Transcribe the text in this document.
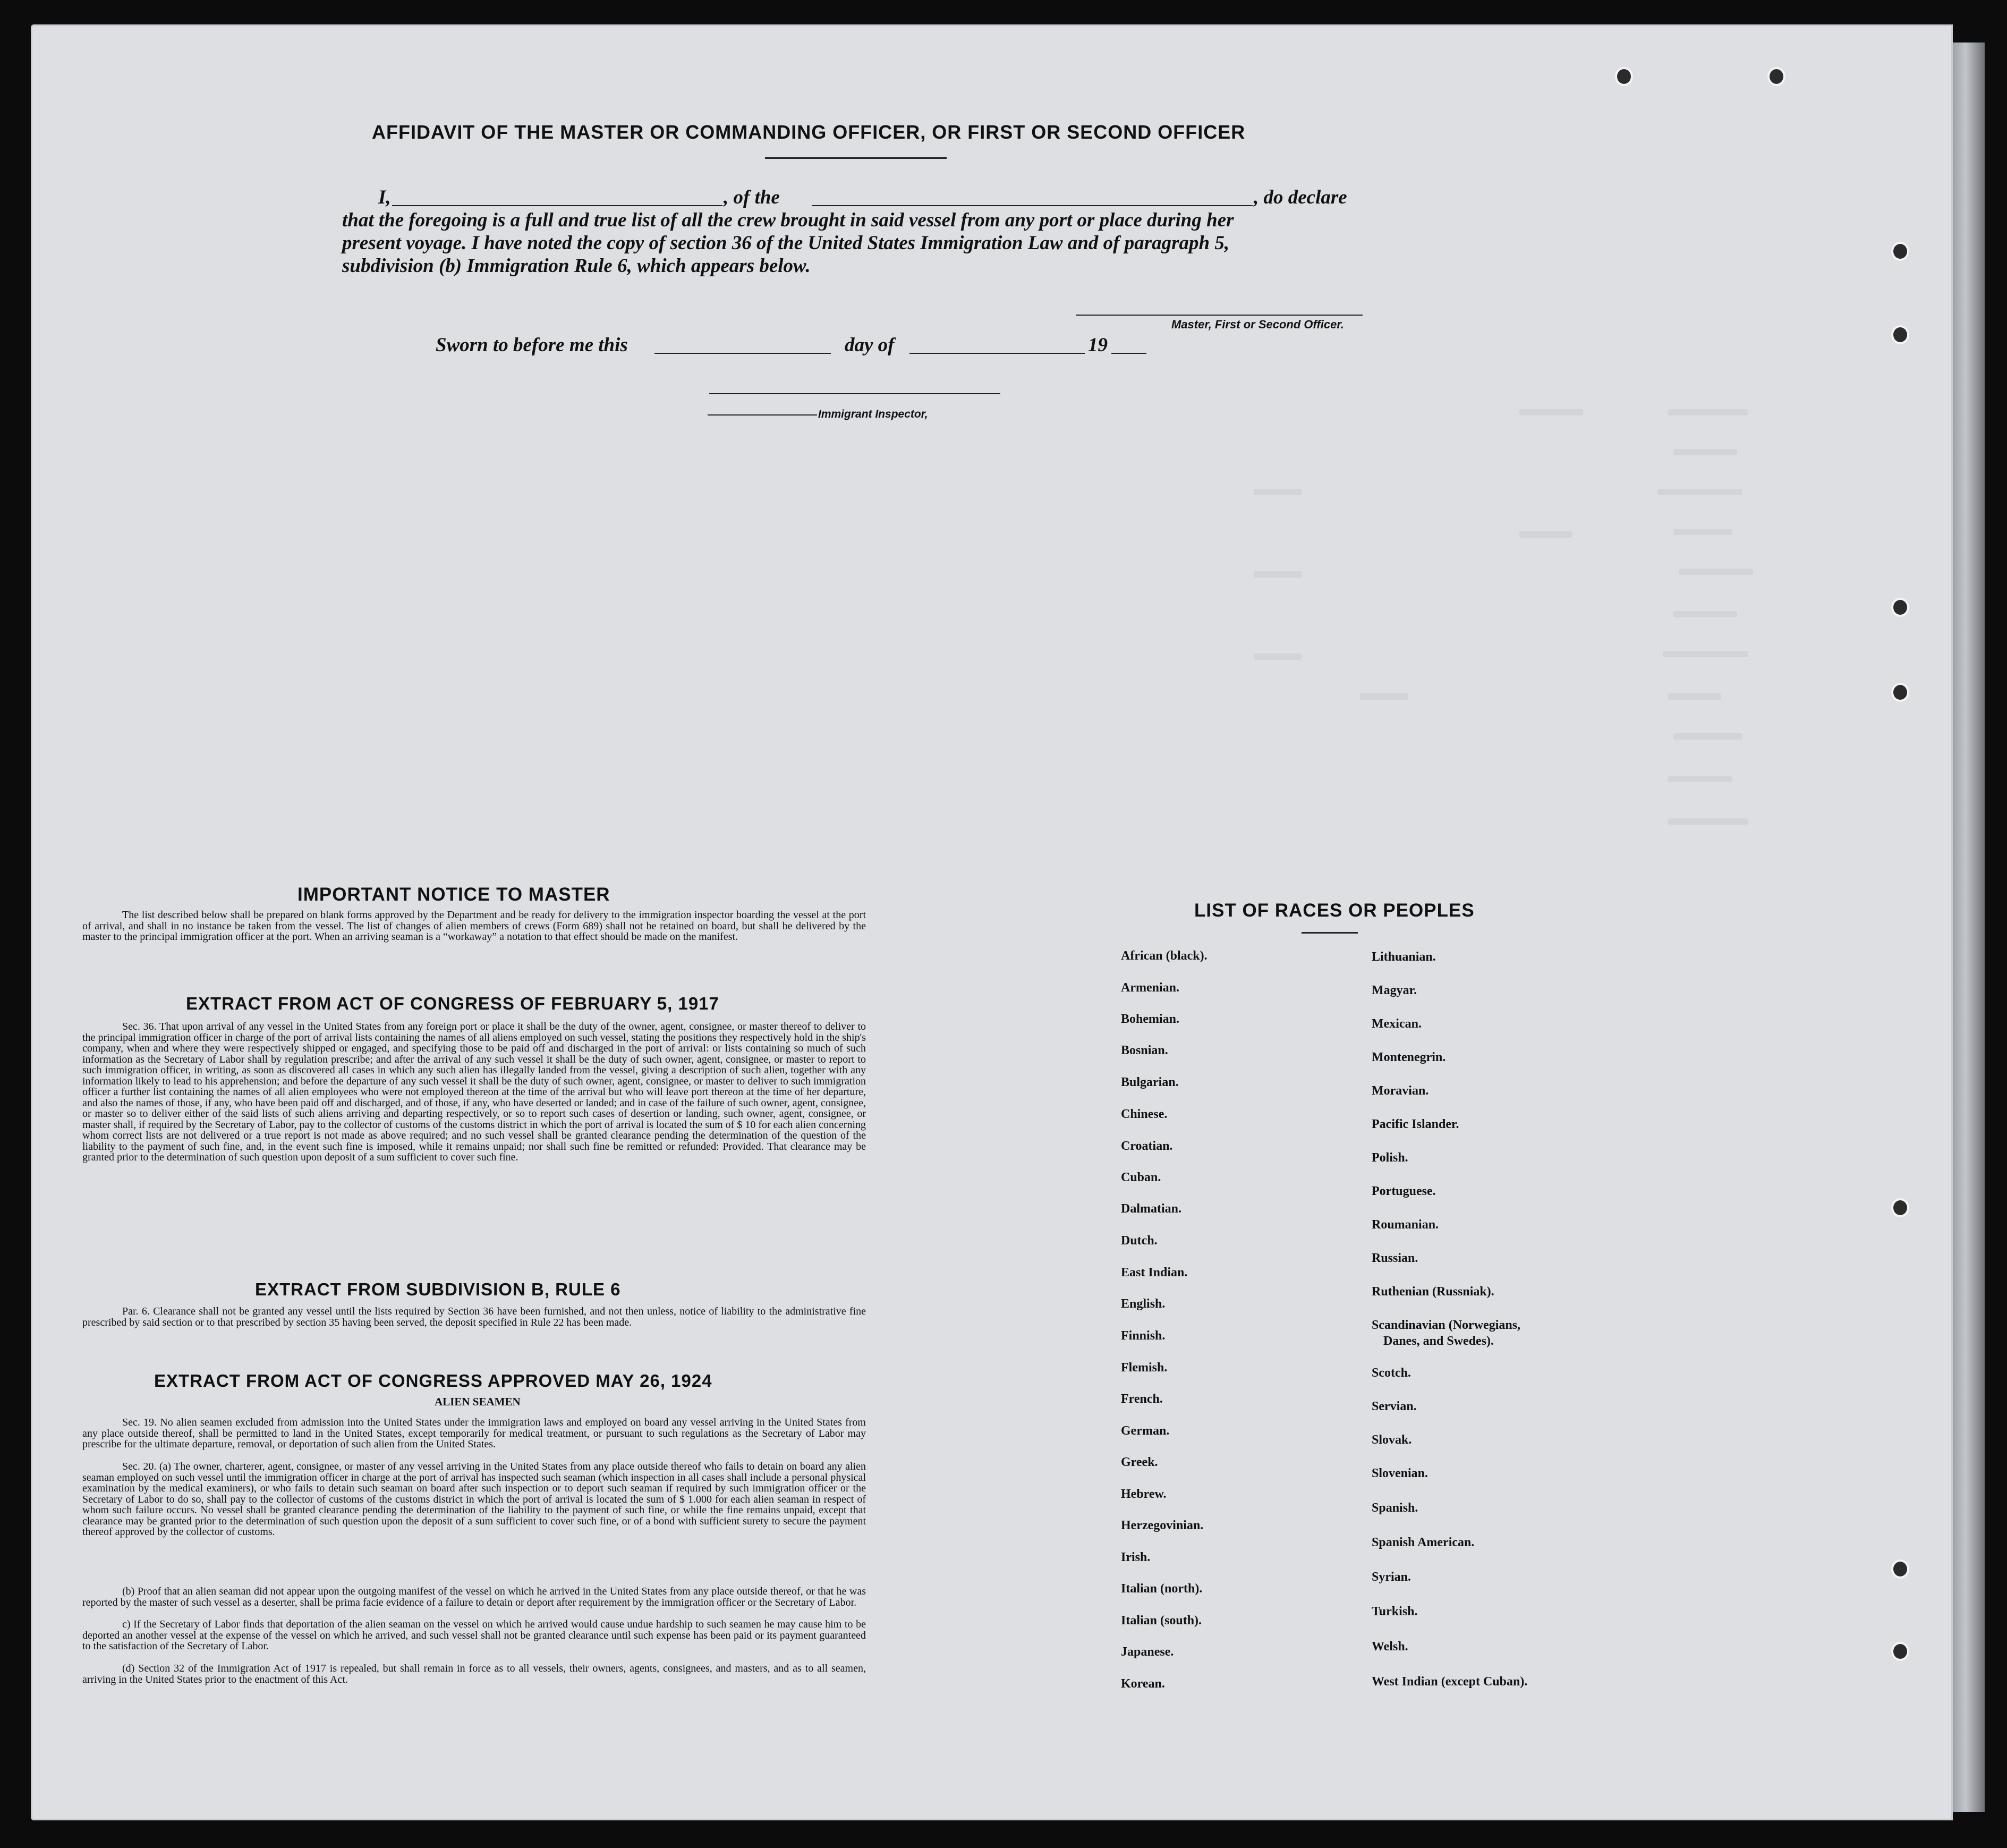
AFFIDAVIT OF THE MASTER OR COMMANDING OFFICER, OR FIRST OR SECOND OFFICER
I,	, of the	, do declare
that the foregoing is a full and true list of all the crew brought in said vessel from any port or place during her
present voyage. I have noted the copy of section 36 of the United States Immigration Law and of paragraph 5,
subdivision (b) Immigration Rule 6, which appears below.
Master, First or Second Officer.
Sworn to before me this	day of	19
Immigrant Inspector,
IMPORTANT NOTICE TO MASTER
The list described below shall be prepared on blank forms approved by the Department and be ready for delivery to the immigration inspector boarding the vessel at the port of arrival, and shall in no instance be taken from the vessel. The list of changes of alien members of crews (Form 689) shall not be retained on board, but shall be delivered by the master to the principal immigration officer at the port. When an arriving seaman is a “workaway” a notation to that effect should be made on the manifest.
EXTRACT FROM ACT OF CONGRESS OF FEBRUARY 5, 1917
Sec. 36. That upon arrival of any vessel in the United States from any foreign port or place it shall be the duty of the owner, agent, consignee, or master thereof to deliver to the principal immigration officer in charge of the port of arrival lists containing the names of all aliens employed on such vessel, stating the positions they respectively hold in the ship's company, when and where they were respectively shipped or engaged, and specifying those to be paid off and discharged in the port of arrival: or lists containing so much of such information as the Secretary of Labor shall by regulation prescribe; and after the arrival of any such vessel it shall be the duty of such owner, agent, consignee, or master to report to such immigration officer, in writing, as soon as discovered all cases in which any such alien has illegally landed from the vessel, giving a description of such alien, together with any information likely to lead to his apprehension; and before the departure of any such vessel it shall be the duty of such owner, agent, consignee, or master to deliver to such immigration officer a further list containing the names of all alien employees who were not employed thereon at the time of the arrival but who will leave port thereon at the time of her departure, and also the names of those, if any, who have been paid off and discharged, and of those, if any, who have deserted or landed; and in case of the failure of such owner, agent, consignee, or master so to deliver either of the said lists of such aliens arriving and departing respectively, or so to report such cases of desertion or landing, such owner, agent, consignee, or master shall, if required by the Secretary of Labor, pay to the collector of customs of the customs district in which the port of arrival is located the sum of $ 10 for each alien concerning whom correct lists are not delivered or a true report is not made as above required; and no such vessel shall be granted clearance pending the determination of the question of the liability to the payment of such fine, and, in the event such fine is imposed, while it remains unpaid; nor shall such fine be remitted or refunded: Provided. That clearance may be granted prior to the determination of such question upon deposit of a sum sufficient to cover such fine.
EXTRACT FROM SUBDIVISION B, RULE 6
Par. 6. Clearance shall not be granted any vessel until the lists required by Section 36 have been furnished, and not then unless, notice of liability to the administrative fine prescribed by said section or to that prescribed by section 35 having been served, the deposit specified in Rule 22 has been made.
EXTRACT FROM ACT OF CONGRESS APPROVED MAY 26, 1924
ALIEN SEAMEN
Sec. 19. No alien seamen excluded from admission into the United States under the immigration laws and employed on board any vessel arriving in the United States from any place outside thereof, shall be permitted to land in the United States, except temporarily for medical treatment, or pursuant to such regulations as the Secretary of Labor may prescribe for the ultimate departure, removal, or deportation of such alien from the United States.
Sec. 20. (a) The owner, charterer, agent, consignee, or master of any vessel arriving in the United States from any place outside thereof who fails to detain on board any alien seaman employed on such vessel until the immigration officer in charge at the port of arrival has inspected such seaman (which inspection in all cases shall include a personal physical examination by the medical examiners), or who fails to detain such seaman on board after such inspection or to deport such seaman if required by such immigration officer or the Secretary of Labor to do so, shall pay to the collector of customs of the customs district in which the port of arrival is located the sum of $ 1.000 for each alien seaman in respect of whom such failure occurs. No vessel shall be granted clearance pending the determination of the liability to the payment of such fine, or while the fine remains unpaid, except that clearance may be granted prior to the determination of such question upon the deposit of a sum sufficient to cover such fine, or of a bond with sufficient surety to secure the payment thereof approved by the collector of customs.
(b) Proof that an alien seaman did not appear upon the outgoing manifest of the vessel on which he arrived in the United States from any place outside thereof, or that he was reported by the master of such vessel as a deserter, shall be prima facie evidence of a failure to detain or deport after requirement by the immigration officer or the Secretary of Labor.
c) If the Secretary of Labor finds that deportation of the alien seaman on the vessel on which he arrived would cause undue hardship to such seamen he may cause him to be deported an another vessel at the expense of the vessel on which he arrived, and such vessel shall not be granted clearance until such expense has been paid or its payment guaranteed to the satisfaction of the Secretary of Labor.
(d) Section 32 of the Immigration Act of 1917 is repealed, but shall remain in force as to all vessels, their owners, agents, consignees, and masters, and as to all seamen, arriving in the United States prior to the enactment of this Act.
LIST OF RACES OR PEOPLES
African (black).
Armenian.
Bohemian.
Bosnian.
Bulgarian.
Chinese.
Croatian.
Cuban.
Dalmatian.
Dutch.
East Indian.
English.
Finnish.
Flemish.
French.
German.
Greek.
Hebrew.
Herzegovinian.
Irish.
Italian (north).
Italian (south).
Japanese.
Korean.
Lithuanian.
Magyar.
Mexican.
Montenegrin.
Moravian.
Pacific Islander.
Polish.
Portuguese.
Roumanian.
Russian.
Ruthenian (Russniak).
Scandinavian (Norwegians,
Danes, and Swedes).
Scotch.
Servian.
Slovak.
Slovenian.
Spanish.
Spanish American.
Syrian.
Turkish.
Welsh.
West Indian (except Cuban).
